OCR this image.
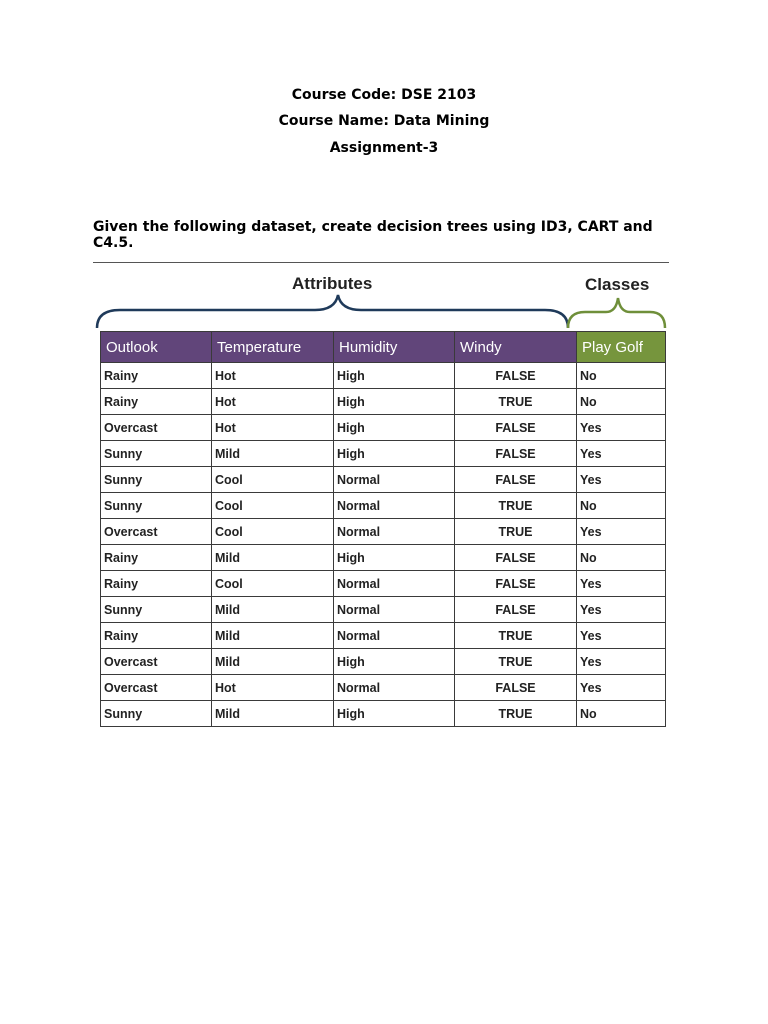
Course Code: DSE 2103
Course Name: Data Mining
Assignment-3
Given the following dataset, create decision trees using ID3, CART and C4.5.
Attributes	Classes
Outlook	Temperature	Humidity	Windy	Play Golf
Rainy	Hot	High	FALSE	No
Rainy	Hot	High	TRUE	No
Overcast	Hot	High	FALSE	Yes
Sunny	Mild	High	FALSE	Yes
Sunny	Cool	Normal	FALSE	Yes
Sunny	Cool	Normal	TRUE	No
Overcast	Cool	Normal	TRUE	Yes
Rainy	Mild	High	FALSE	No
Rainy	Cool	Normal	FALSE	Yes
Sunny	Mild	Normal	FALSE	Yes
Rainy	Mild	Normal	TRUE	Yes
Overcast	Mild	High	TRUE	Yes
Overcast	Hot	Normal	FALSE	Yes
Sunny	Mild	High	TRUE	No
